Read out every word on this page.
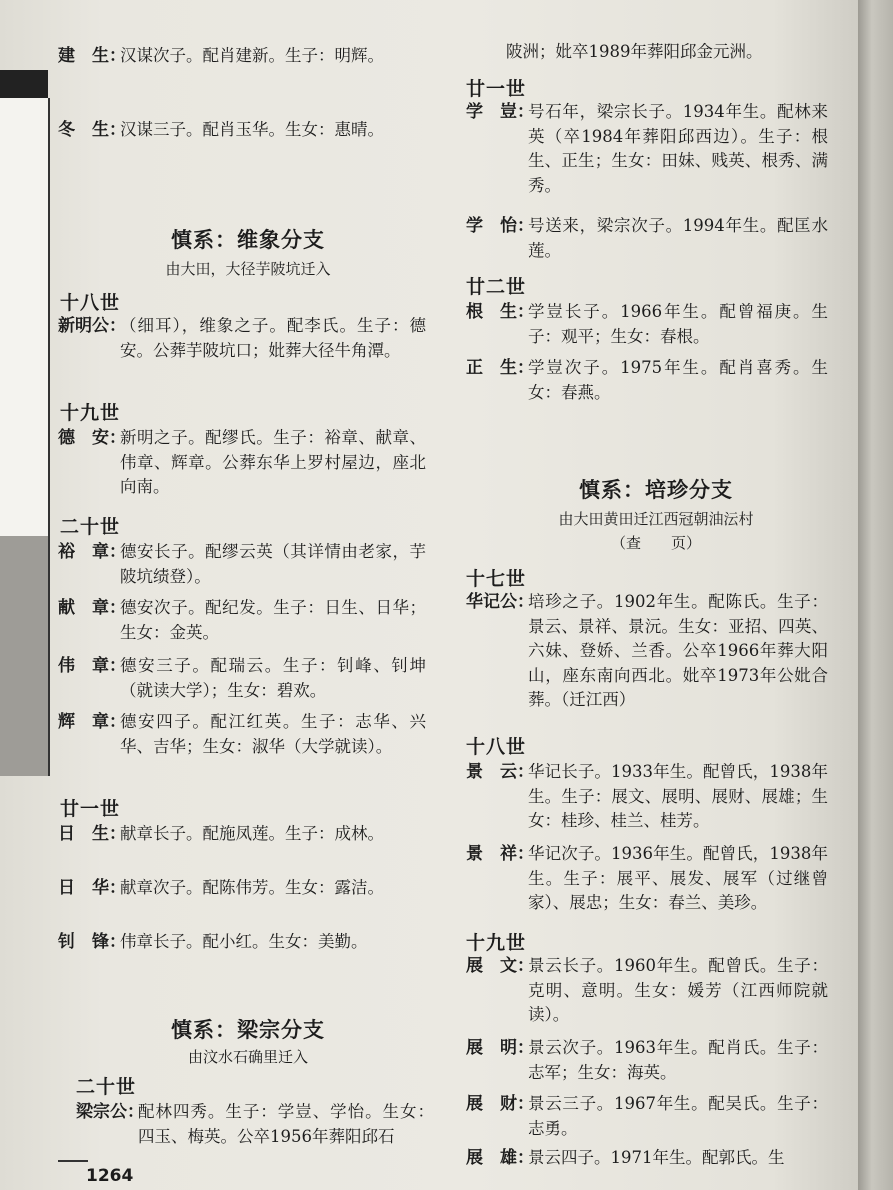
建　生：
汉谋次子。配肖建新。生子：明辉。
冬　生：
汉谋三子。配肖玉华。生女：惠晴。
慎系：维象分支
由大田，大径芋陂坑迁入
十八世
新明公：
（细耳），维象之子。配李氏。生子：德安。公葬芋陂坑口；妣葬大径牛角潭。
十九世
德　安：
新明之子。配缪氏。生子：裕章、献章、伟章、辉章。公葬东华上罗村屋边，座北向南。
二十世
裕　章：
德安长子。配缪云英（其详情由老家，芋陂坑绩登）。
献　章：
德安次子。配纪发。生子：日生、日华；生女：金英。
伟　章：
德安三子。配瑞云。生子：钊峰、钊坤（就读大学）；生女：碧欢。
辉　章：
德安四子。配江红英。生子：志华、兴华、吉华；生女：淑华（大学就读）。
廿一世
日　生：
献章长子。配施凤莲。生子：成林。
日　华：
献章次子。配陈伟芳。生女：露洁。
钊　锋：
伟章长子。配小红。生女：美勤。
慎系：梁宗分支
由汶水石确里迁入
二十世
梁宗公：
配林四秀。生子：学豈、学怡。生女：四玉、梅英。公卒1956年葬阳邱石
陂洲；妣卒1989年葬阳邱金元洲。
廿一世
学　豈：
号石年，梁宗长子。1934年生。配林来英（卒1984年葬阳邱西边）。生子：根生、正生；生女：田妹、贱英、根秀、满秀。
学　怡：
号送来，梁宗次子。1994年生。配匡水莲。
廿二世
根　生：
学豈长子。1966年生。配曾福庚。生子：观平；生女：春根。
正　生：
学豈次子。1975年生。配肖喜秀。生女：春燕。
慎系：培珍分支
由大田黄田迁江西冠朝油沄村
（查　　页）
十七世
华记公：
培珍之子。1902年生。配陈氏。生子：景云、景祥、景沅。生女：亚招、四英、六妹、登娇、兰香。公卒1966年葬大阳山，座东南向西北。妣卒1973年公妣合葬。（迁江西）
十八世
景　云：
华记长子。1933年生。配曾氏，1938年生。生子：展文、展明、展财、展雄；生女：桂珍、桂兰、桂芳。
景　祥：
华记次子。1936年生。配曾氏，1938年生。生子：展平、展发、展军（过继曾家）、展忠；生女：春兰、美珍。
十九世
展　文：
景云长子。1960年生。配曾氏。生子：克明、意明。生女：媛芳（江西师院就读）。
展　明：
景云次子。1963年生。配肖氏。生子：志军；生女：海英。
展　财：
景云三子。1967年生。配吴氏。生子：志勇。
展　雄：
景云四子。1971年生。配郭氏。生
1264
